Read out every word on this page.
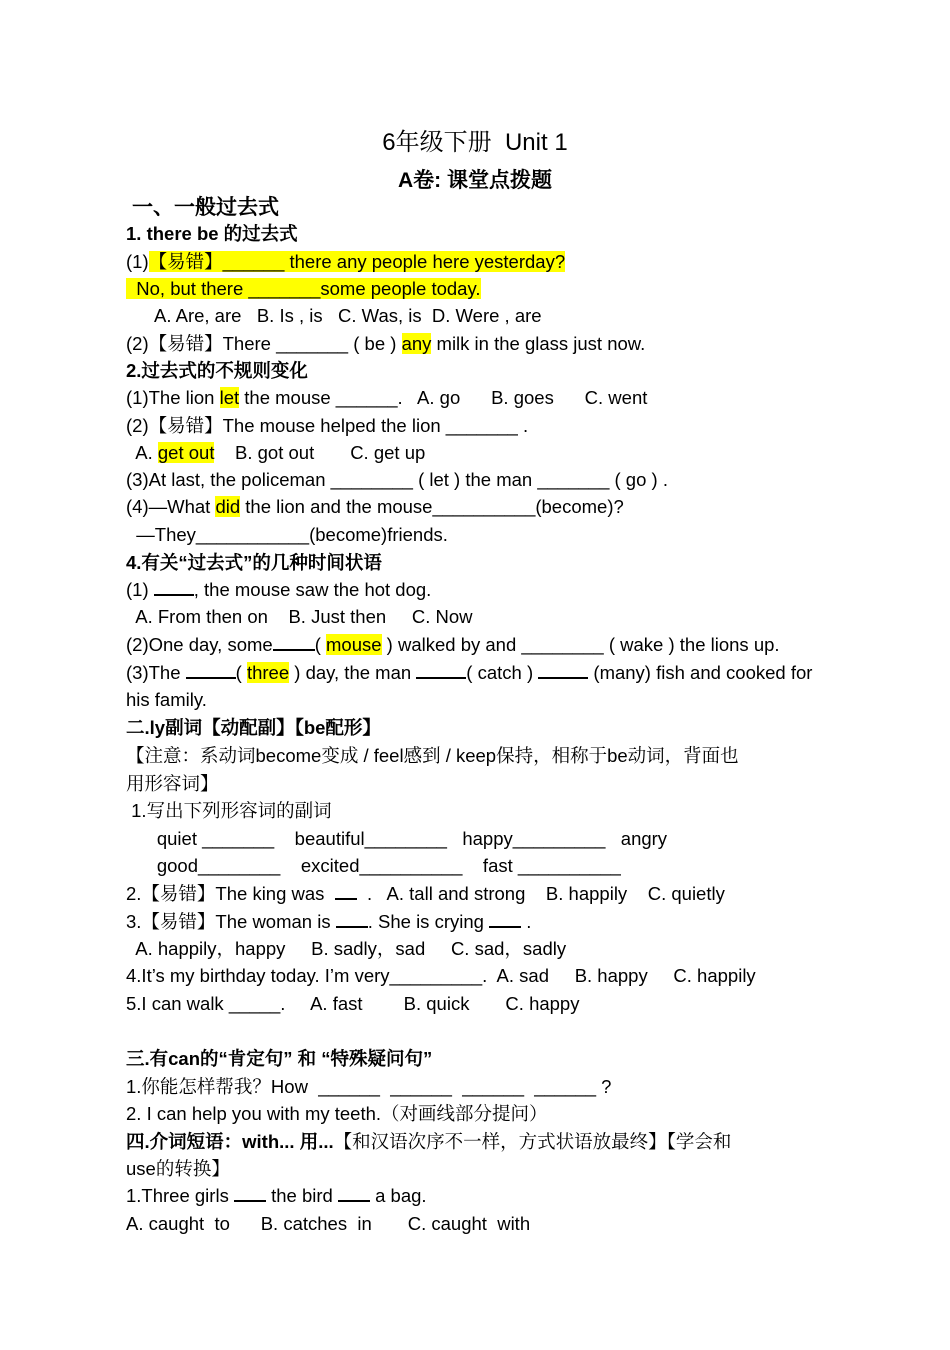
6年级下册  Unit 1
A卷: 课堂点拨题
一、一般过去式
1. there be 的过去式
(1)【易错】______ there any people here yesterday?
No, but there _______some people today.
A. Are, are   B. Is , is   C. Was, is  D. Were , are
(2)【易错】There _______ ( be ) any milk in the glass just now.
2.过去式的不规则变化
(1)The lion let the mouse ______.   A. go      B. goes      C. went
(2)【易错】The mouse helped the lion _______ .
A. get out    B. got out       C. get up
(3)At last, the policeman ________ ( let ) the man _______ ( go ) .
(4)—What did the lion and the mouse__________(become)?
—They___________(become)friends.
4.有关“过去式”的几种时间状语
(1) , the mouse saw the hot dog.
A. From then on    B. Just then     C. Now
(2)One day, some ( mouse ) walked by and ________ ( wake ) the lions up.
(3)The	( three ) day, the man	( catch )	(many) fish and cooked for
his family.
二.ly副词【动配副】【be配形】
【注意：系动词become变成 / feel感到 / keep保持，相称于be动词，背面也
用形容词】
1.写出下列形容词的副词
quiet _______    beautiful________   happy_________   angry
good________    excited__________    fast __________
2.【易错】The king was    .   A. tall and strong    B. happily    C. quietly
3.【易错】The woman is . She is crying  .
A. happily，happy     B. sadly，sad     C. sad，sadly
4.It’s my birthday today. I’m very_________.  A. sad     B. happy     C. happily
5.I can walk _____.     A. fast        B. quick       C. happy
三.有can的“肯定句” 和 “特殊疑问句”
1.你能怎样帮我？How  ______  ______  ______  ______ ?
2. I can help you with my teeth.（对画线部分提问）
四.介词短语：with... 用...【和汉语次序不一样，方式状语放最终】【学会和
use的转换】
1.Three girls  the bird  a bag.
A. caught  to      B. catches  in       C. caught  with
